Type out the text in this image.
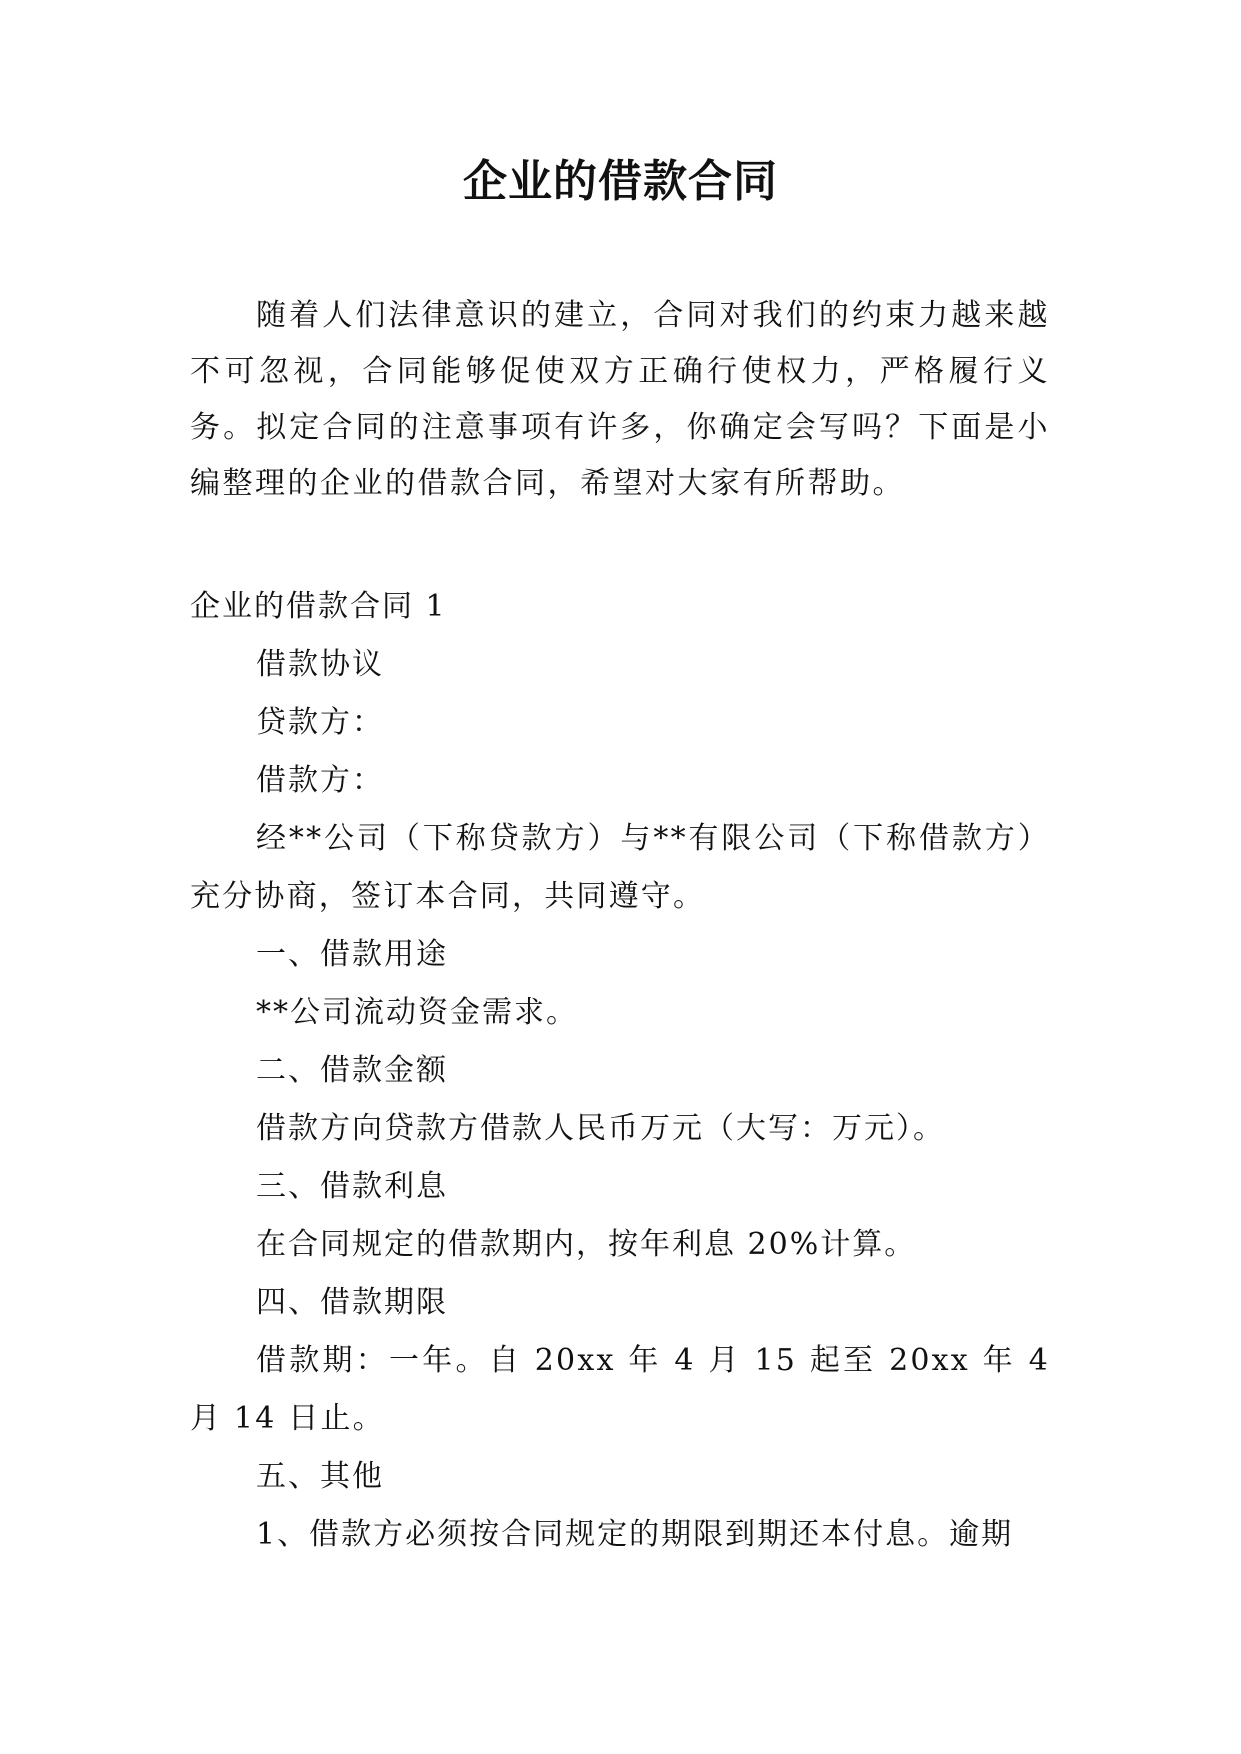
企业的借款合同

随着人们法律意识的建立，合同对我们的约束力越来越不可忽视，合同能够促使双方正确行使权力，严格履行义务。拟定合同的注意事项有许多，你确定会写吗？下面是小编整理的企业的借款合同，希望对大家有所帮助。

企业的借款合同 1

借款协议

贷款方：

借款方：

经**公司（下称贷款方）与**有限公司（下称借款方）充分协商，签订本合同，共同遵守。

一、借款用途

**公司流动资金需求。

二、借款金额

借款方向贷款方借款人民币万元（大写：万元）。

三、借款利息

在合同规定的借款期内，按年利息 20%计算。

四、借款期限

借款期：一年。自 20xx 年 4 月 15 起至 20xx 年 4 月 14 日止。

五、其他

1、借款方必须按合同规定的期限到期还本付息。逾期
